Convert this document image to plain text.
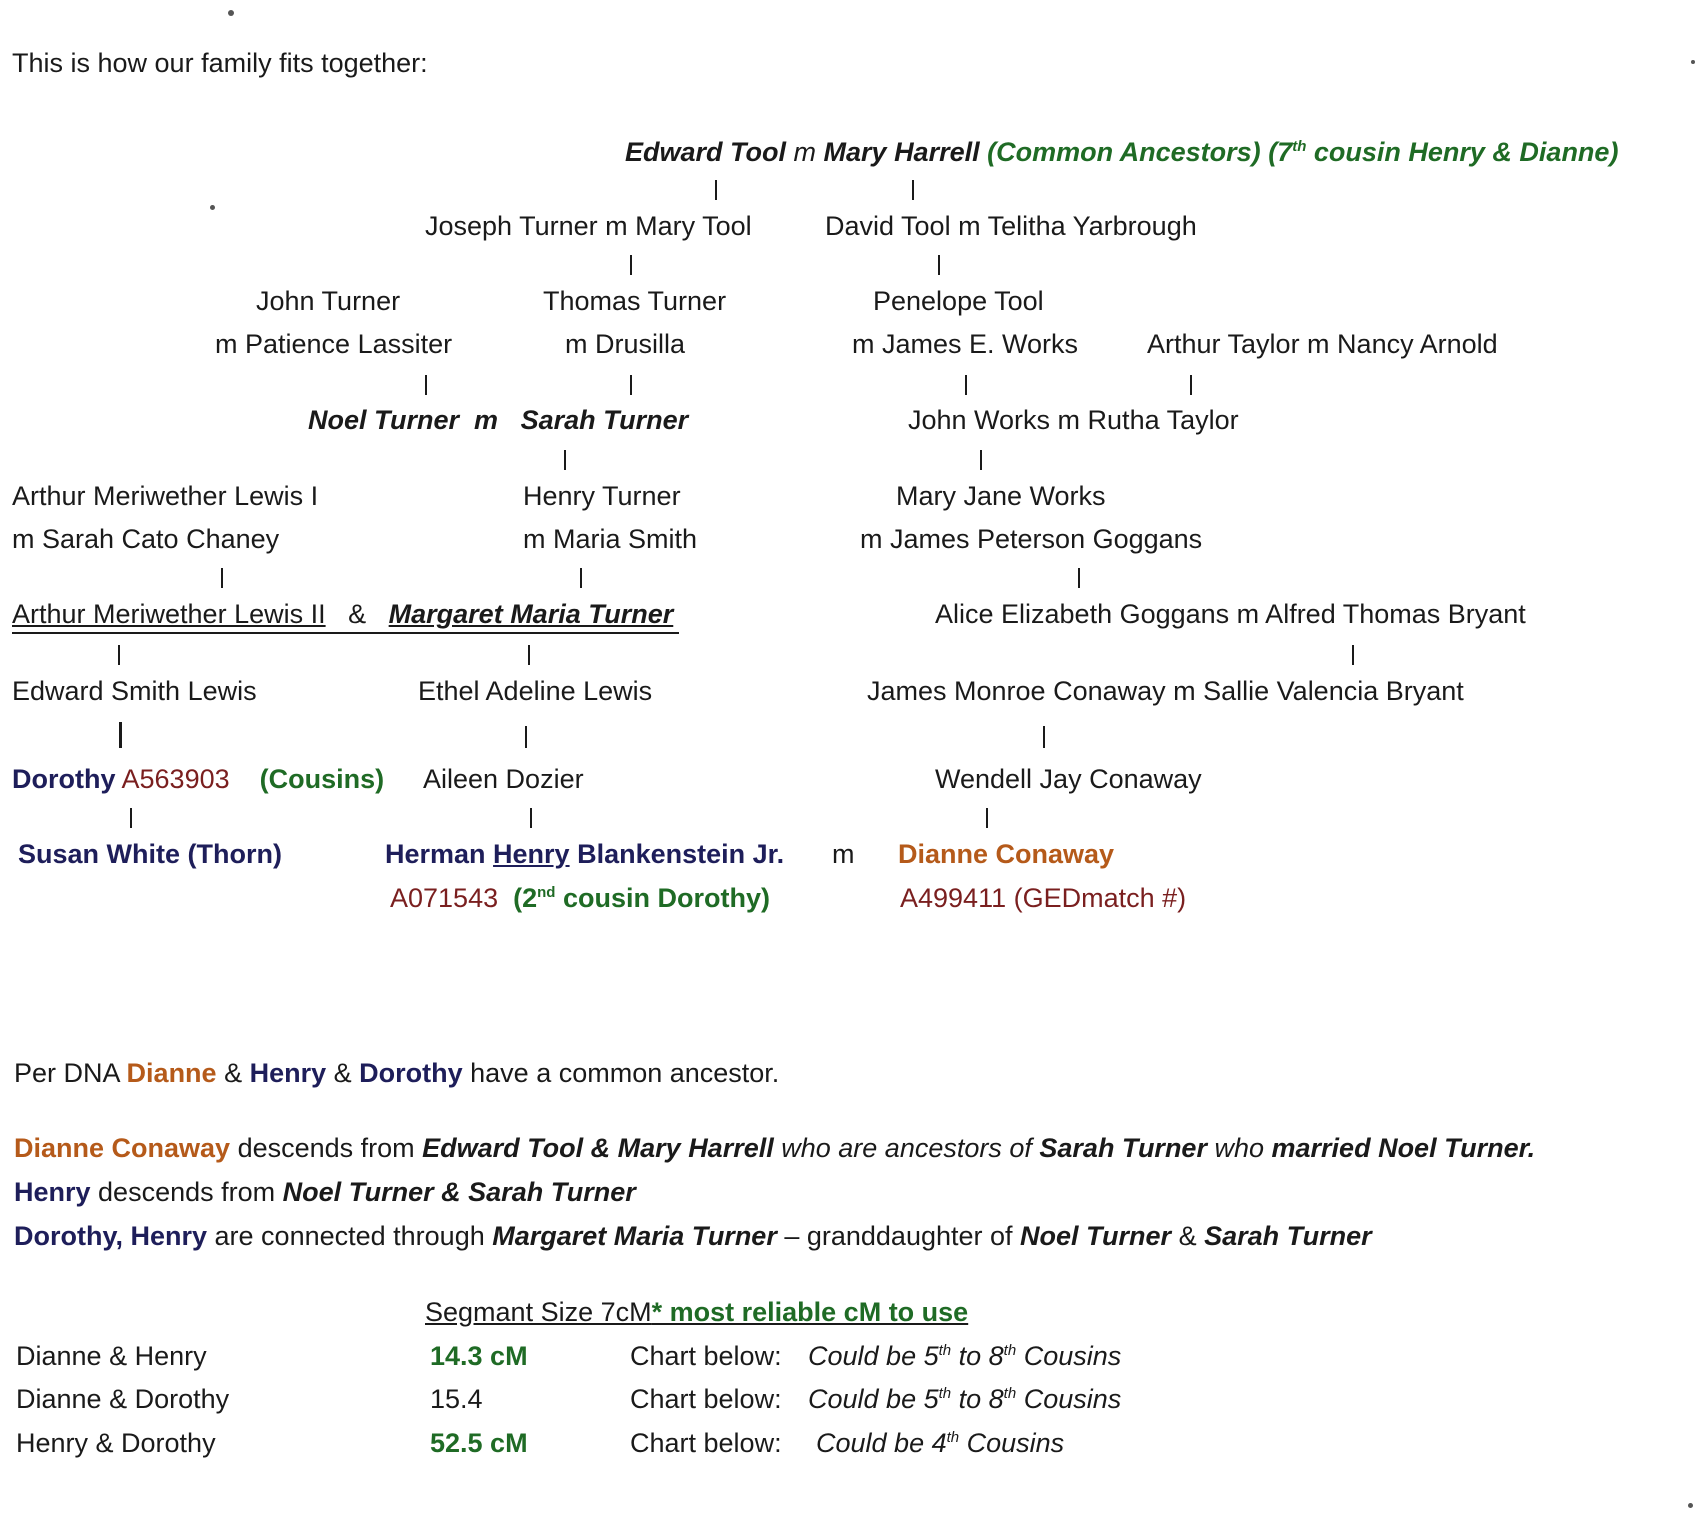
This is how our family fits together:
Edward Tool m Mary Harrell (Common Ancestors) (7th cousin Henry & Dianne)
Joseph Turner m Mary Tool	David Tool m Telitha Yarbrough
John Turner	Thomas Turner	Penelope Tool
m Patience Lassiter	m Drusilla	m James E. Works	Arthur Taylor m Nancy Arnold
Noel Turner m Sarah Turner	John Works m Rutha Taylor
Arthur Meriwether Lewis I	Henry Turner	Mary Jane Works
m Sarah Cato Chaney	m Maria Smith	m James Peterson Goggans
Arthur Meriwether Lewis II & Margaret Maria Turner	Alice Elizabeth Goggans m Alfred Thomas Bryant
Edward Smith Lewis	Ethel Adeline Lewis	James Monroe Conaway m Sallie Valencia Bryant
Dorothy A563903 (Cousins) Aileen Dozier	Wendell Jay Conaway
Susan White (Thorn)	Herman Henry Blankenstein Jr. m Dianne Conaway
A071543 (2nd cousin Dorothy)	A499411 (GEDmatch #)
Per DNA Dianne & Henry & Dorothy have a common ancestor.
Dianne Conaway descends from Edward Tool & Mary Harrell who are ancestors of Sarah Turner who married Noel Turner.
Henry descends from Noel Turner & Sarah Turner
Dorothy, Henry are connected through Margaret Maria Turner – granddaughter of Noel Turner & Sarah Turner
Segmant Size 7cM* most reliable cM to use
Dianne & Henry	14.3 cM	Chart below: Could be 5th to 8th Cousins
Dianne & Dorothy	15.4	Chart below: Could be 5th to 8th Cousins
Henry & Dorothy	52.5 cM	Chart below: Could be 4th Cousins
